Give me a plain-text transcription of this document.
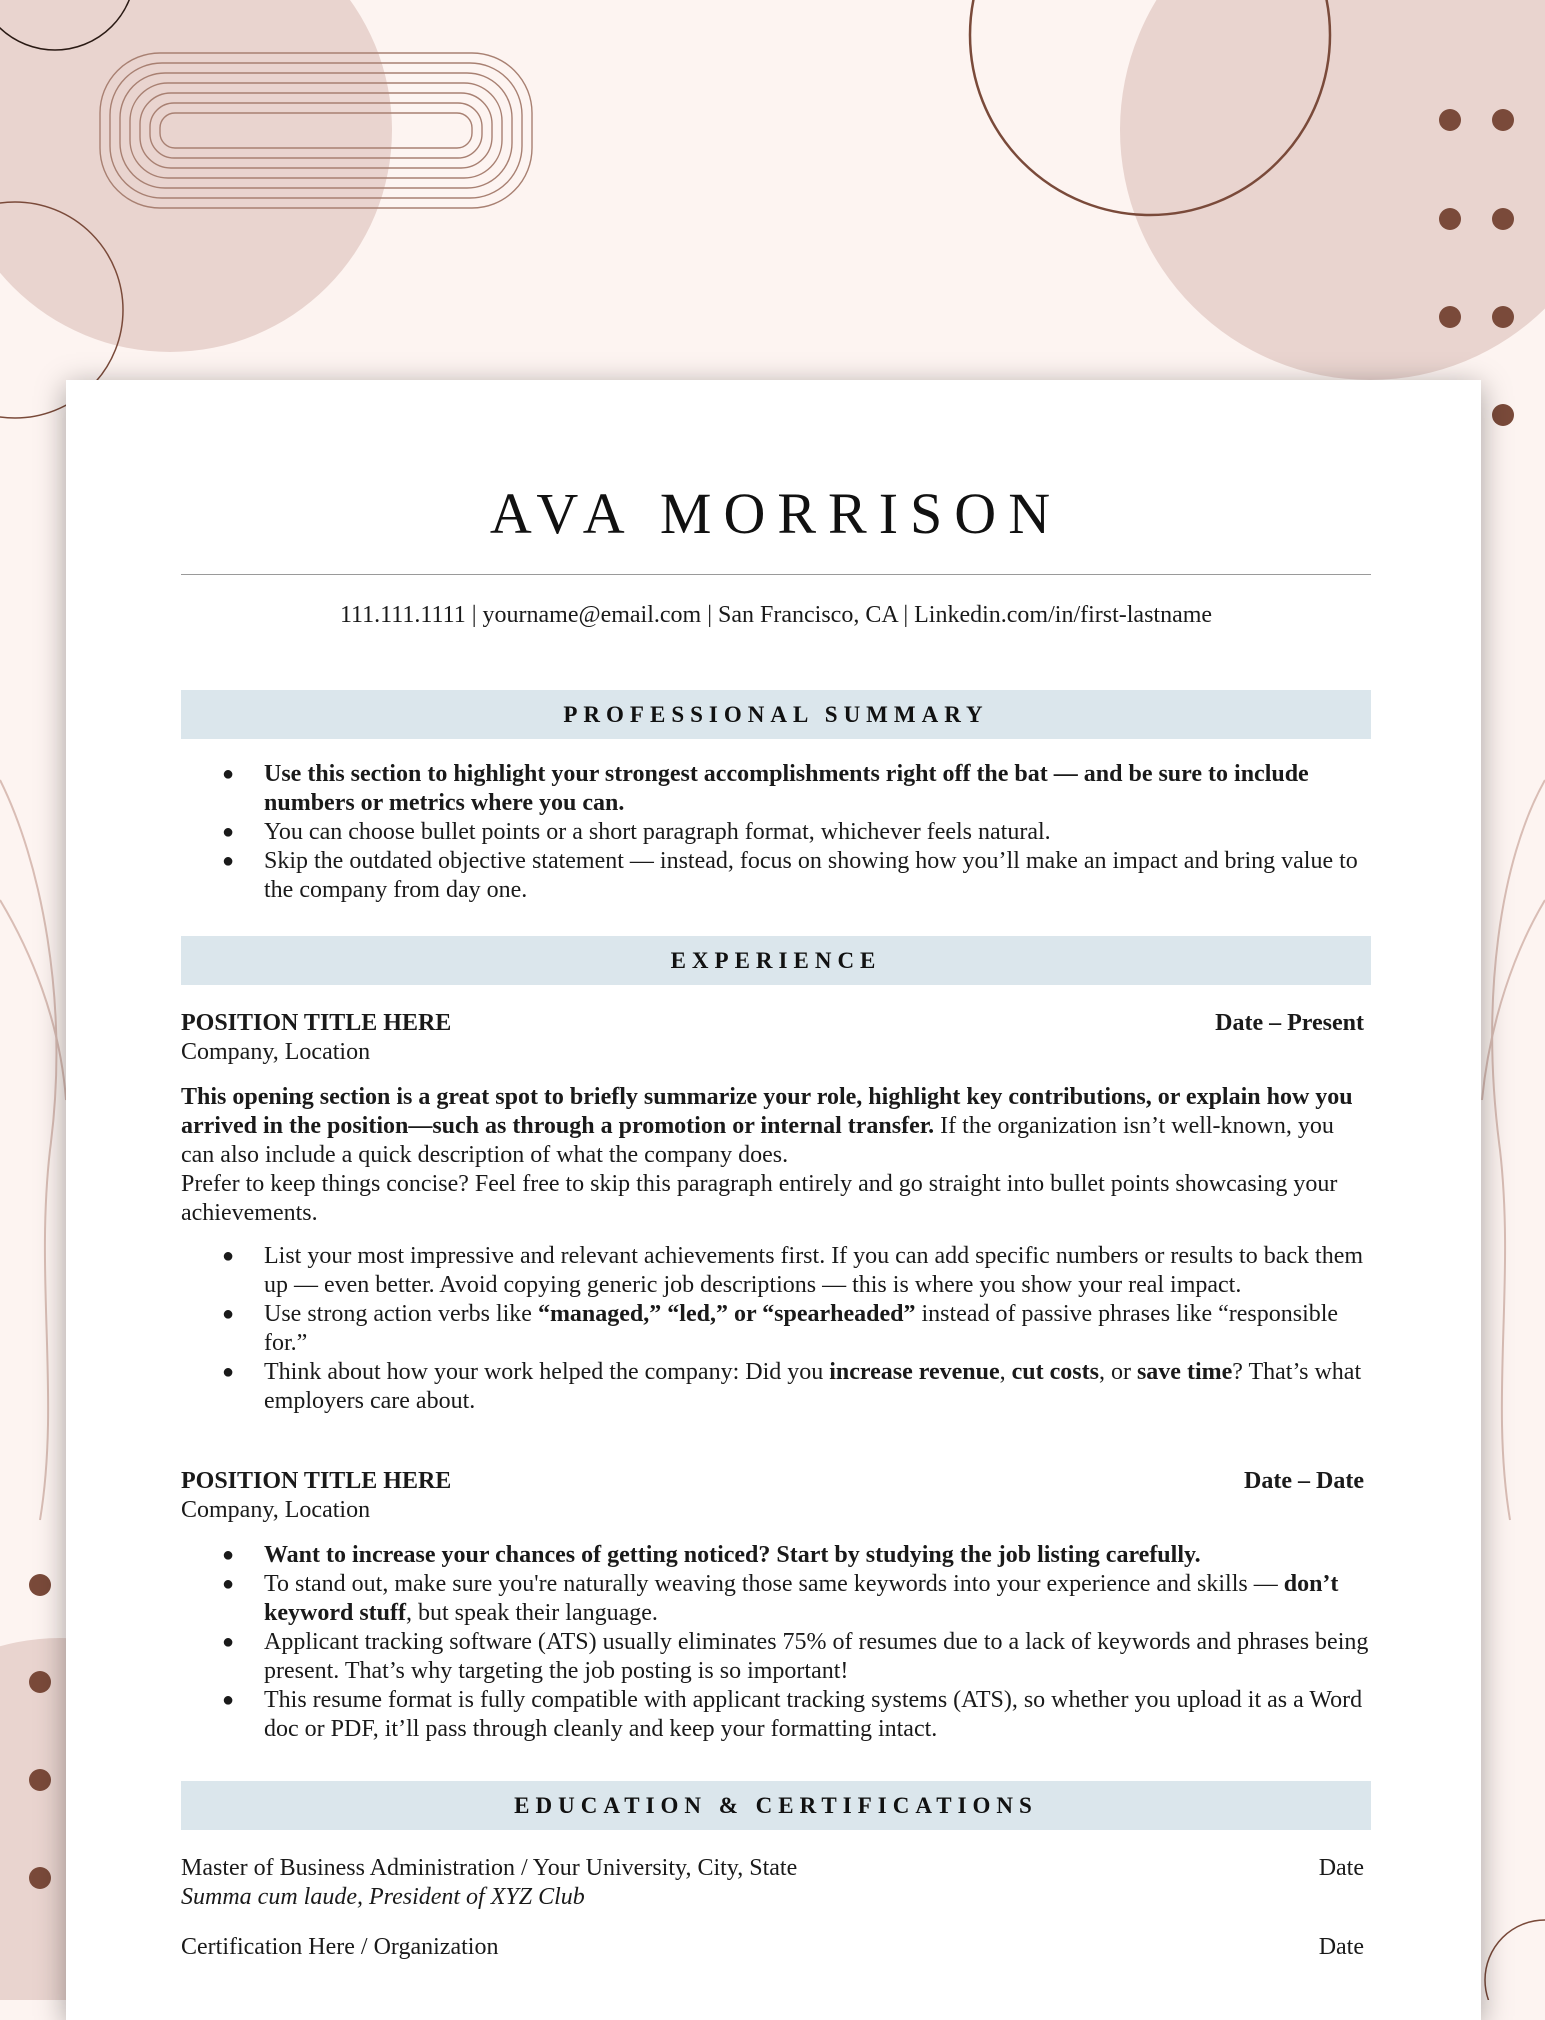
AVA MORRISON
111.111.1111 | yourname@email.com | San Francisco, CA | Linkedin.com/in/first-lastname
PROFESSIONAL SUMMARY
● Use this section to highlight your strongest accomplishments right off the bat — and be sure to include numbers or metrics where you can.
● You can choose bullet points or a short paragraph format, whichever feels natural.
● Skip the outdated objective statement — instead, focus on showing how you’ll make an impact and bring value to the company from day one.
EXPERIENCE
POSITION TITLE HERE	Date – Present
Company, Location
This opening section is a great spot to briefly summarize your role, highlight key contributions, or explain how you arrived in the position—such as through a promotion or internal transfer. If the organization isn’t well-known, you can also include a quick description of what the company does.
Prefer to keep things concise? Feel free to skip this paragraph entirely and go straight into bullet points showcasing your achievements.
● List your most impressive and relevant achievements first. If you can add specific numbers or results to back them up — even better. Avoid copying generic job descriptions — this is where you show your real impact.
● Use strong action verbs like “managed,” “led,” or “spearheaded” instead of passive phrases like “responsible for.”
● Think about how your work helped the company: Did you increase revenue, cut costs, or save time? That’s what employers care about.
POSITION TITLE HERE	Date – Date
Company, Location
● Want to increase your chances of getting noticed? Start by studying the job listing carefully.
● To stand out, make sure you're naturally weaving those same keywords into your experience and skills — don’t keyword stuff, but speak their language.
● Applicant tracking software (ATS) usually eliminates 75% of resumes due to a lack of keywords and phrases being present. That’s why targeting the job posting is so important!
● This resume format is fully compatible with applicant tracking systems (ATS), so whether you upload it as a Word doc or PDF, it’ll pass through cleanly and keep your formatting intact.
EDUCATION & CERTIFICATIONS
Master of Business Administration / Your University, City, State	Date
Summa cum laude, President of XYZ Club
Certification Here / Organization	Date
